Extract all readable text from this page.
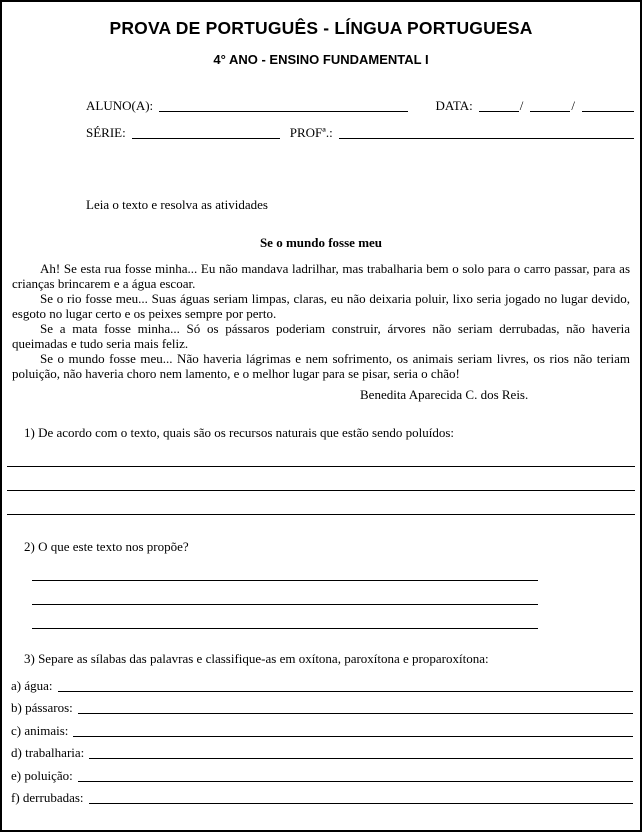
PROVA DE PORTUGUÊS - LÍNGUA PORTUGUESA
4° ANO - ENSINO FUNDAMENTAL I
ALUNO(A):	DATA:	/	/
SÉRIE:	PROFª.:
Leia o texto e resolva as atividades
Se o mundo fosse meu

Ah! Se esta rua fosse minha... Eu não mandava ladrilhar, mas trabalharia bem o solo para o carro passar, para as crianças brincarem e a água escoar.

Se o rio fosse meu... Suas águas seriam limpas, claras, eu não deixaria poluir, lixo seria jogado no lugar devido, esgoto no lugar certo e os peixes sempre por perto.

Se a mata fosse minha... Só os pássaros poderiam construir, árvores não seriam derrubadas, não haveria queimadas e tudo seria mais feliz.

Se o mundo fosse meu... Não haveria lágrimas e nem sofrimento, os animais seriam livres, os rios não teriam poluição, não haveria choro nem lamento, e o melhor lugar para se pisar, seria o chão!

Benedita Aparecida C. dos Reis.
1) De acordo com o texto, quais são os recursos naturais que estão sendo poluídos:
2) O que este texto nos propõe?
3) Separe as sílabas das palavras e classifique-as em oxítona, paroxítona e proparoxítona:
a) água:
b) pássaros:
c) animais:
d) trabalharia:
e) poluição:
f) derrubadas:
